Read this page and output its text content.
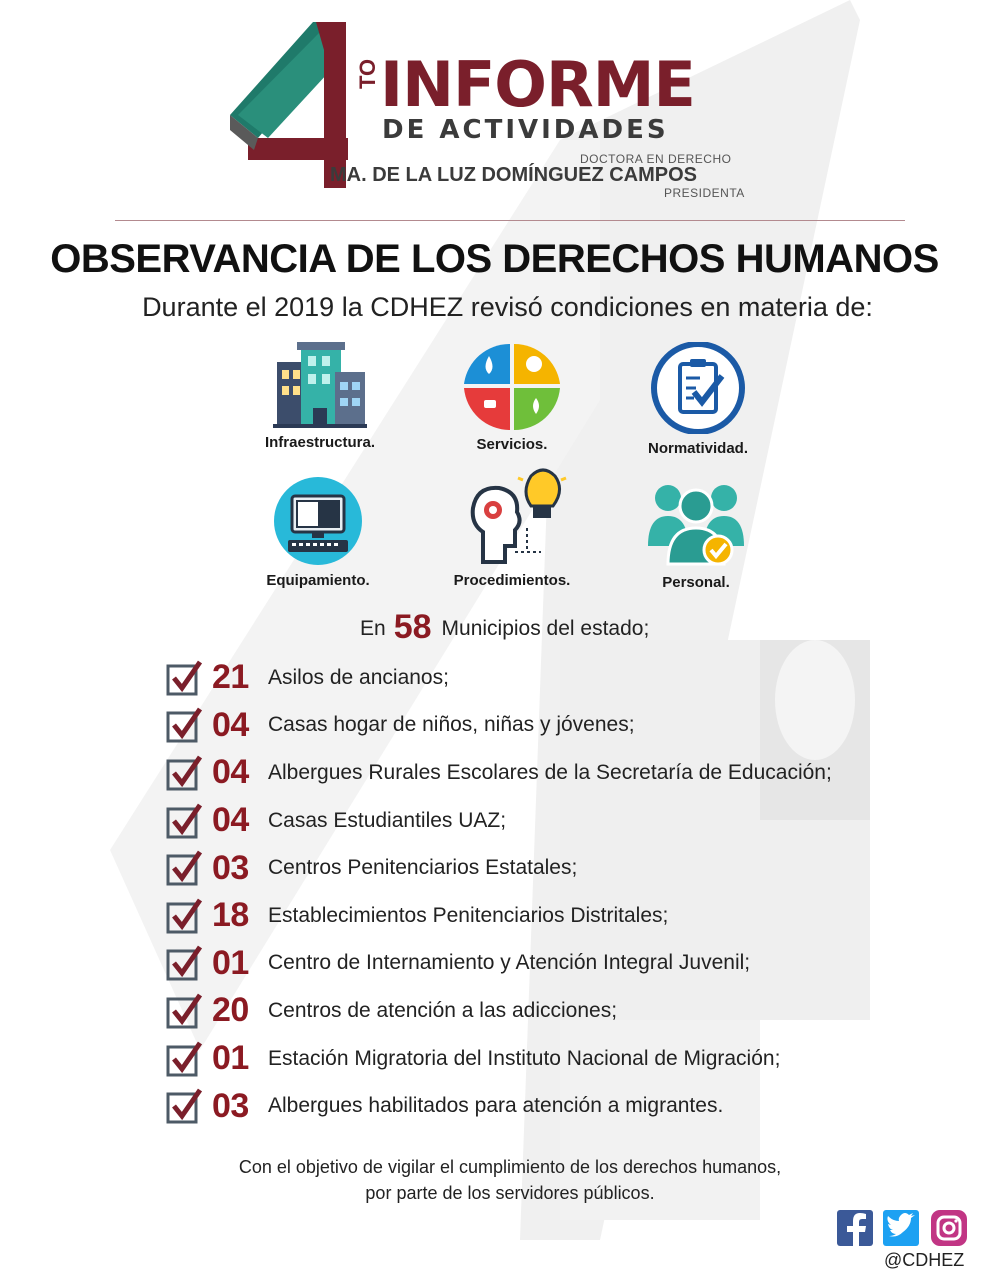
TO INFORME
DE ACTIVIDADES
DOCTORA EN DERECHO
MA. DE LA LUZ DOMÍNGUEZ CAMPOS
PRESIDENTA
OBSERVANCIA DE LOS DERECHOS HUMANOS
Durante el 2019 la CDHEZ revisó condiciones en materia de:
Infraestructura.	Servicios.	Normatividad.
Equipamiento.	Procedimientos.	Personal.
En 58 Municipios del estado;
21 Asilos de ancianos;
04 Casas hogar de niños, niñas y jóvenes;
04 Albergues Rurales Escolares de la Secretaría de Educación;
04 Casas Estudiantiles UAZ;
03 Centros Penitenciarios Estatales;
18 Establecimientos Penitenciarios Distritales;
01 Centro de Internamiento y Atención Integral Juvenil;
20 Centros de atención a las adicciones;
01 Estación Migratoria del Instituto Nacional de Migración;
03 Albergues habilitados para atención a migrantes.
Con el objetivo de vigilar el cumplimiento de los derechos humanos,
por parte de los servidores públicos.
@CDHEZ
